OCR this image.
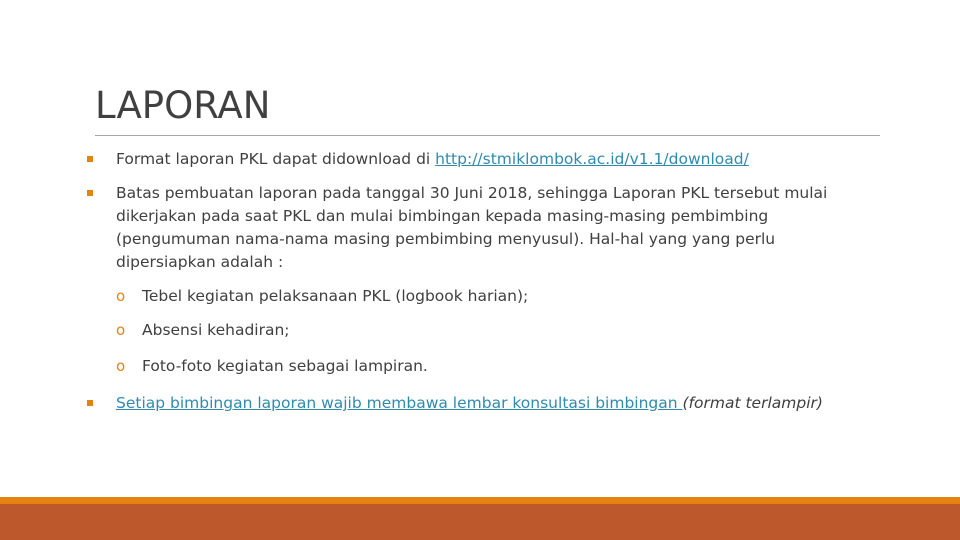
LAPORAN
Format laporan PKL dapat didownload di http://stmiklombok.ac.id/v1.1/download/
Batas pembuatan laporan pada tanggal 30 Juni 2018, sehingga Laporan PKL tersebut mulai dikerjakan pada saat PKL dan mulai bimbingan kepada masing-masing pembimbing (pengumuman nama-nama masing pembimbing menyusul). Hal-hal yang yang perlu dipersiapkan adalah :
o Tebel kegiatan pelaksanaan PKL (logbook harian);
o Absensi kehadiran;
o Foto-foto kegiatan sebagai lampiran.
Setiap bimbingan laporan wajib membawa lembar konsultasi bimbingan (format terlampir)
